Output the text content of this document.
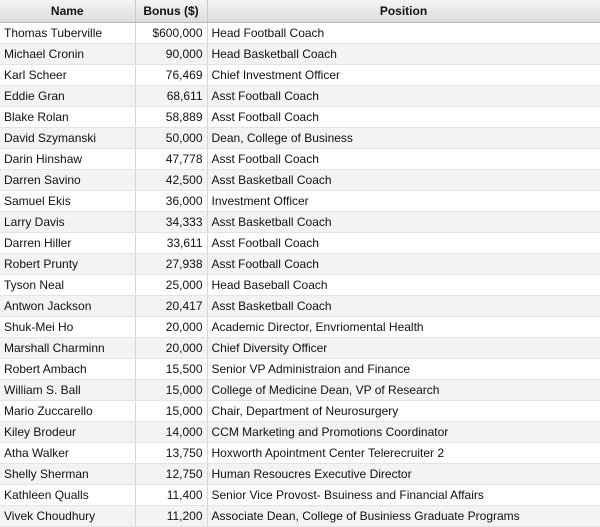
Name	Bonus ($)	Position
Thomas Tuberville	$600,000	Head Football Coach
Michael Cronin	90,000	Head Basketball Coach
Karl Scheer	76,469	Chief Investment Officer
Eddie Gran	68,611	Asst Football Coach
Blake Rolan	58,889	Asst Football Coach
David Szymanski	50,000	Dean, College of Business
Darin Hinshaw	47,778	Asst Football Coach
Darren Savino	42,500	Asst Basketball Coach
Samuel Ekis	36,000	Investment Officer
Larry Davis	34,333	Asst Basketball Coach
Darren Hiller	33,611	Asst Football Coach
Robert Prunty	27,938	Asst Football Coach
Tyson Neal	25,000	Head Baseball Coach
Antwon Jackson	20,417	Asst Basketball Coach
Shuk-Mei Ho	20,000	Academic Director, Envriomental Health
Marshall Charminn	20,000	Chief Diversity Officer
Robert Ambach	15,500	Senior VP Administraion and Finance
William S. Ball	15,000	College of Medicine Dean, VP of Research
Mario Zuccarello	15,000	Chair, Department of Neurosurgery
Kiley Brodeur	14,000	CCM Marketing and Promotions Coordinator
Atha Walker	13,750	Hoxworth Apointment Center Telerecruiter 2
Shelly Sherman	12,750	Human Resoucres Executive Director
Kathleen Qualls	11,400	Senior Vice Provost- Bsuiness and Financial Affairs
Vivek Choudhury	11,200	Associate Dean, College of Businiess Graduate Programs
